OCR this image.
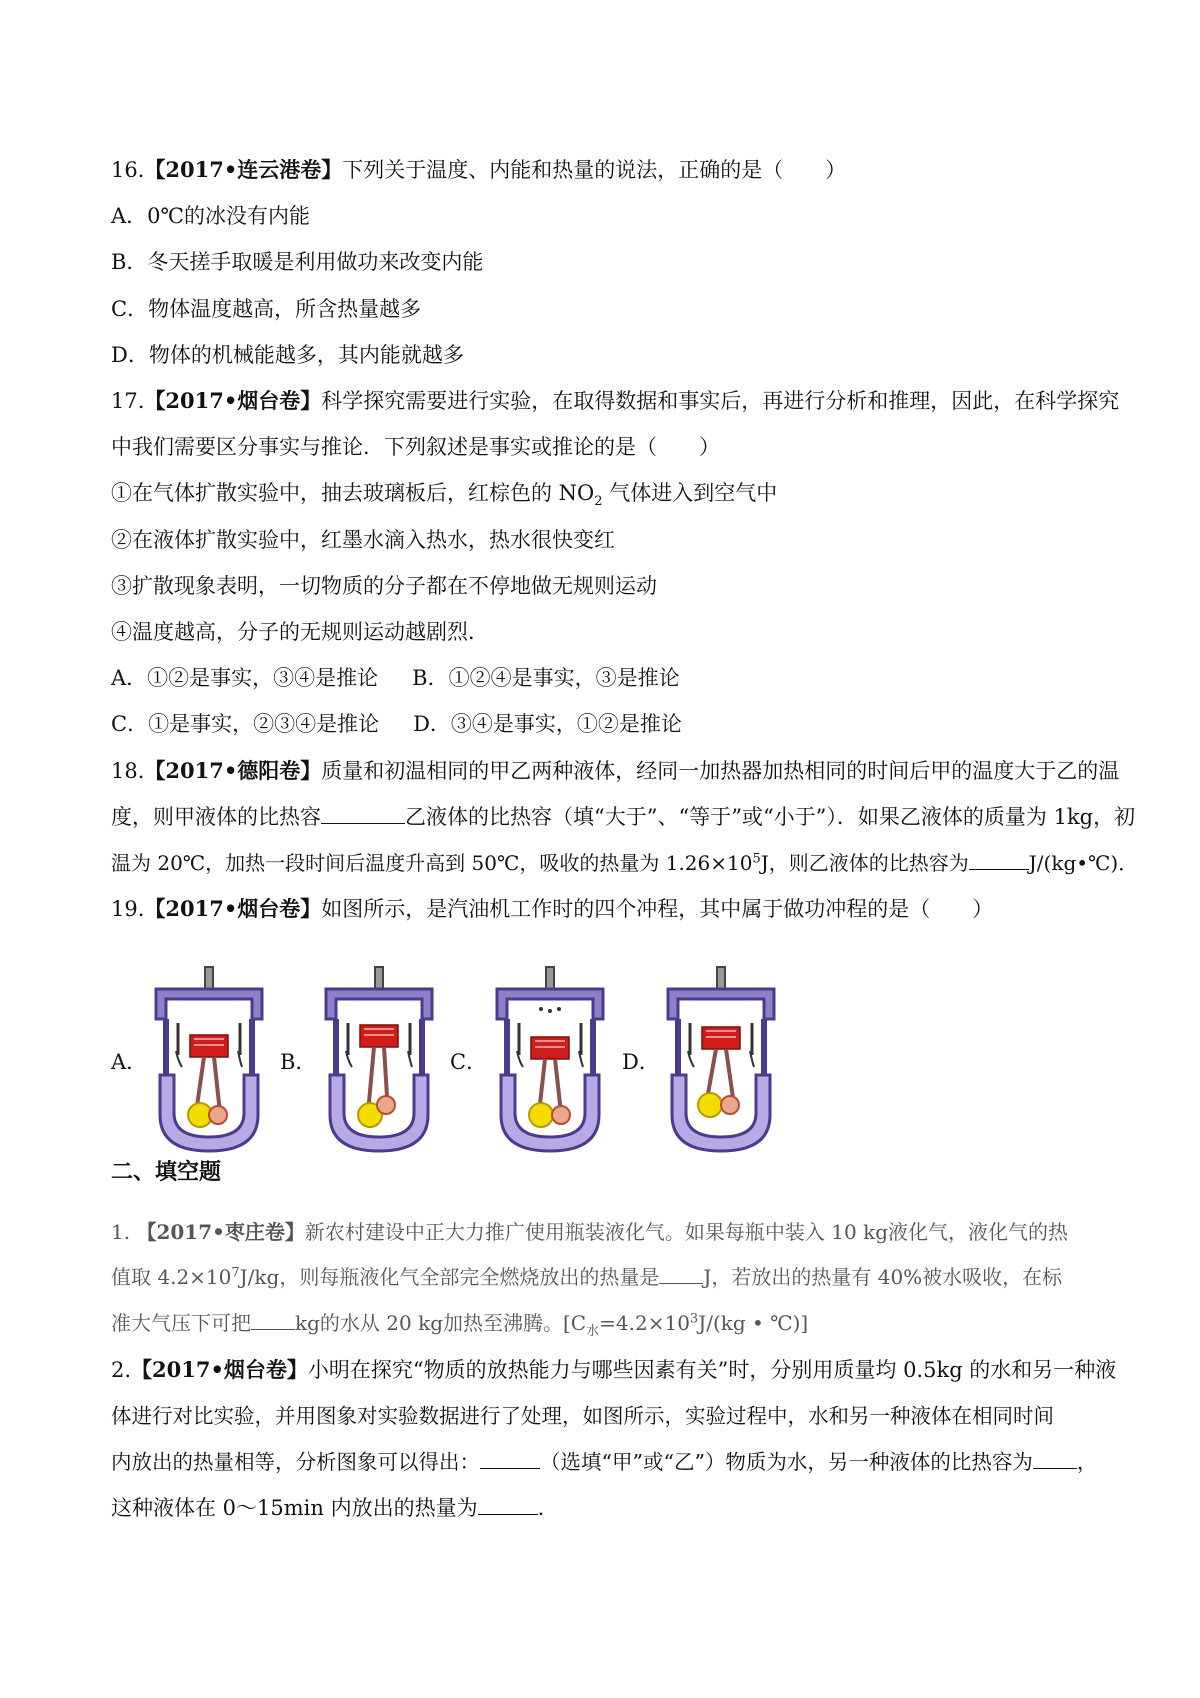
16.【2017•连云港卷】下列关于温度、内能和热量的说法，正确的是（　　）
A．0℃的冰没有内能
B．冬天搓手取暖是利用做功来改变内能
C．物体温度越高，所含热量越多
D．物体的机械能越多，其内能就越多
17.【2017•烟台卷】科学探究需要进行实验，在取得数据和事实后，再进行分析和推理，因此，在科学探究
中我们需要区分事实与推论．下列叙述是事实或推论的是（　　）
①在气体扩散实验中，抽去玻璃板后，红棕色的 $NO_2$ 气体进入到空气中
②在液体扩散实验中，红墨水滴入热水，热水很快变红
③扩散现象表明，一切物质的分子都在不停地做无规则运动
④温度越高，分子的无规则运动越剧烈．
A．①②是事实，③④是推论 B．①②④是事实，③是推论
C．①是事实，②③④是推论 D．③④是事实，①②是推论
18.【2017•德阳卷】质量和初温相同的甲乙两种液体，经同一加热器加热相同的时间后甲的温度大于乙的温
度，则甲液体的比热容	乙液体的比热容（填“大于”、“等于”或“小于”）．如果乙液体的质量为 1kg，初
温为 20℃，加热一段时间后温度升高到 50℃，吸收的热量为 $1.26\times 10^5J$，则乙液体的比热容为	J/(kg•℃)．
19.【2017•烟台卷】如图所示，是汽油机工作时的四个冲程，其中属于做功冲程的是（　　）
A．	B．	C．	D．
二、填空题
1. 【2017•枣庄卷】新农村建设中正大力推广使用瓶装液化气。如果每瓶中装入 10 kg液化气，液化气的热
值取 $4.2\times 10^7J/kg$，则每瓶液化气全部完全燃烧放出的热量是 J，若放出的热量有 40%被水吸收，在标
准大气压下可把 kg的水从 20 kg加热至沸腾。[$C_水=4.2\times 10^3J/(kg$ • ℃)]
2.【2017•烟台卷】小明在探究“物质的放热能力与哪些因素有关”时，分别用质量均 0.5kg 的水和另一种液
体进行对比实验，并用图象对实验数据进行了处理，如图所示，实验过程中，水和另一种液体在相同时间
内放出的热量相等，分析图象可以得出：	（选填“甲”或“乙”）物质为水，另一种液体的比热容为 ，
这种液体在 0～15min 内放出的热量为	.
